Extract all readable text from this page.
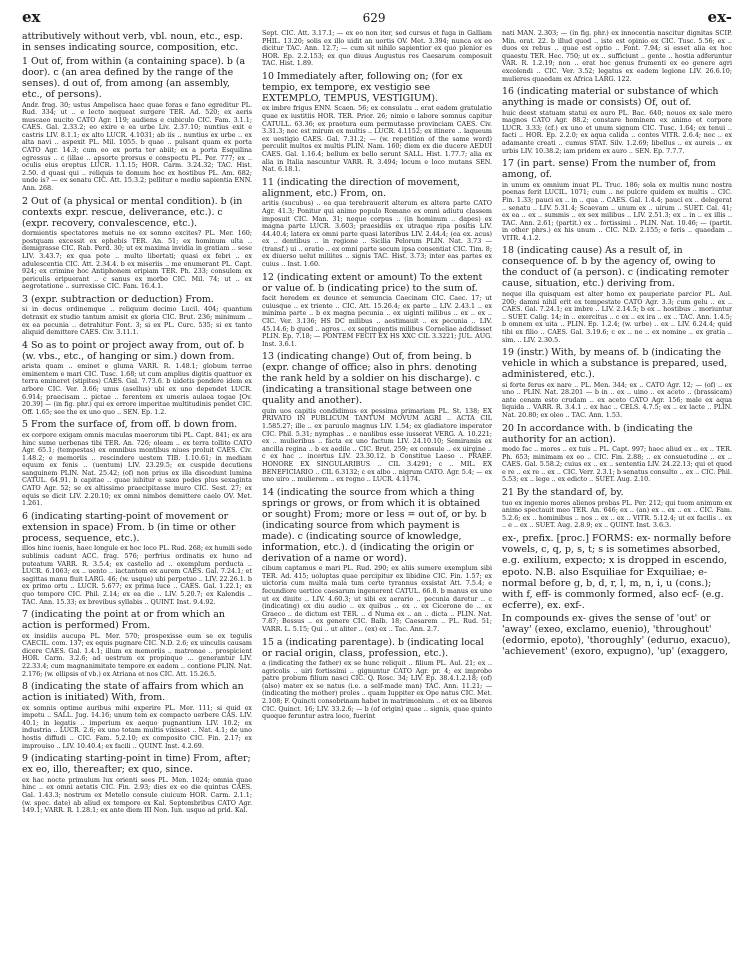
ex	629	ex-

attributively without verb, vbl. noun, etc., esp. in senses indicating source, composition, etc.

1 Out of, from within (a containing space). b (a door). c (an area defined by the range of the senses). d out of, from among (an assembly, etc., of persons).

Andr. frag. 30; ustus Ampelisca haec quae foras e fano egreditur PL. Rud. 334; ut .. e lecto nequeat surgere TER. Ad. 520; ex aeris muscaeo nucito CATO Agr. 119; audiens e cubiculo CIC. Fam. 3.1.1; CAES. Gal. 2.33.2; eo exire e ea urbe Liv. 2.37.10; nuntius exit e castris LIV. 8.1.1; ex alto LUCR. 4.1031; ab iis .. nuntius ex urbe .. ex alta navi .. aspexit PL. Mil. 1055. b quae .. pulsant quam ex porta CATO Agr. 14.3; cum eo ex porta ter abiit; ex a porta Esquilina egressus .. c (illae .. apsorte prorsus e conspectu PL. Per. 777; ex .. oculis eius ereptus LUCR. 1.1.15; HOR. Carm. 3.24.32; TAC. Hist. 2.50. d quasi qui .. reliquis te domum hoc ex hostibus PL. Am. 682; unde is? — ex senatu CIC. Att. 15.3.2; pellitur e medio sapientia ENN. Ann. 268.

2 Out of (a physical or mental condition). b (in contexts expr. rescue, deliverance, etc.). c (expr. recovery, convalescence, etc.).

dormientis spectatores metuis ne ex somno excites? PL. Mer. 160; postquam excessit ex ephebis TER. An. 51; ex hominum ulta .. demigrasse CIC. Rab. Perd. 30; ut ex maxima invidia in gratiam .. sese LIV. 3.43.7; ex qua pote .. multo libertati; quasi ex febri .. ex adulescentia CIC. Att. 2.34.4. b ex miseriis .. me enumerant PL. Capt. 924; ex crimine hoc Antiphonem eripiam TER. Ph. 233; consulem ex periculis eripuerant .. c sanus ex morbo CIC. Mil. 74; ut .. ex aegrotatione .. surrexisse CIC. Fam. 16.4.1.

3 (expr. subtraction or deduction) From.

si in decus ordinemque .. reliquum decimo Lucil. 404; quantum detraxit ex studio tantum amisit ex gloria CIC. Brut. 236; minimum .. ex ea pecunia .. detrahitur Font. 3; si ex PL. Curc. 535; si ex tanto aliquid demittere CAES. Civ. 3.11.1.

4 So as to point or project away from, out of. b (w. vbs., etc., of hanging or sim.) down from.

arista quam .. eminet e gluma VARR. R. 1.48.1; globum terrae eminentem e mari CIC. Tusc. 1.68; ut cum amplius digitis quattuor ex terra emineret (stipites) CAES. Gal. 7.73.6. b uidetis pendere idem ex arbore CIC. Ver. 3.66; unus (asellus) ubi ex uno dependet LUCR. 6.914; praecisam .. pictae .. ferentem ex umeris aulaea togae [Ov. 20.39] — (in fig. phr.) qui ex errore imperitae multitudinis pendet CIC. Off. 1.65; see the ex uno quo .. SEN. Ep. 1.2.

5 From the surface of, from off. b down from.

ex corpore exigam omnis maculas maerorum tibi PL. Capt. 841; ex ara hinc sume uerbenas tibi TER. An. 726; oleam .. ex terra tollito CATO Agr. 65.1; (tempestas) ex omnibus montibus niues proluit CAES. Civ. 1.48.2; e memoriis .. rescindere uestem TIB. 1.10.61; in mediam equum ex fenis .. (uentum) LIV. 23.29.5; ex cuspide decutiens sanguinem PLIN. Nat. 25.42; (of) non prius ex illa discedunt lumina CATUL. 64.91. b capitae .. quae iubitur e saxo pedes plus sexaginta CATO Agr. 52; se ex altissimo praecipitasse muro CIC. Sest. 27; ex equis se dicit LIV. 2.20.10; ex omni nimbos demittere caelo OV. Met. 1.261.

6 (indicating starting-point of movement or extension in space) From. b (in time or other process, sequence, etc.).

illos hinc iuenis, haec longule ex hoc loco PL. Rud. 268; ex humili sede sublimis cadunt ACC. frag. 576; perfrius ordinatis ex huno ad puteatum VARR. R. 3.5.4; ex castello ad .. exemplum perducta .. LUCR. 6.1063; ex .. uento .. iactantem ex aurem CAES. Gal. 7.24.1; et sagittas manu fluit LARG. 46; (w. usque) ubi perpetuo .. LIV. 22.26.1. b ex primo ortu .. LUCR. 5.677; ex prima luce .. CAES. Gal. 1.22.1; ex quo tempore CIC. Phil. 2.14; ex ea die .. LIV. 5.20.7; ex Kalendis .. TAC. Ann. 15.33; ex brevibus syllabis .. QUINT. Inst. 9.4.92.

7 (indicating the point at or from which an action is performed) From.

ex insidiis aucupa PL. Mer. 570; prospexisse eum se ex tegulis CAECIL. com. 137; ex equis pugnare CIC. N.D. 2.6; ex uinculis causam dicere CAES. Gal. 1.4.1; illum ex memoriis .. matronae .. prospicient HOR. Carm. 3.2.6; ad uestrum ex propinquo ... generantur LIV. 22.33.4; cum magnanimitate tempore ex eadem .. contione PLIN. Nat. 2.176; (w. ellipsis of vb.) ex Atriana et nos CIC. Att. 15.26.5.

8 (indicating the state of affairs from which an action is initiated) With, from.

ex somnis optime auribus mihi experire PL. Mer. 111; si quid ex impetu .. SALL. Jug. 14.16; unum tem ex compacto uerbere CAS. LIV. 40.1; in legatis .. imperium ex aequo pugnantium LIV. 10.2; ex industria .. LUCR. 2.6; ex uno totam multis vixisset .. Nat. 4.1; de uno hostis diffudi .. CIC. Fam. 5.2.10; ex composito CIC. Fin. 2.17; ex improuiso .. LIV. 10.40.4; ex facili .. QUINT. Inst. 4.2.69.

9 (indicating starting-point in time) From, after; ex eo, illo, thereafter; ex quo, since.

ex hac nocte primulum lux orienti sees PL. Men. 1024; omnia quae hinc .. ex omni aetatis CIC. Fin. 2.93; dies ex eo die quintus CAES. Gal. 1.43.3; nostrum ex Metello consule ciuicum HOR. Carm. 2.1.1; (w. spec. date) ab aliud ex tempore ex Kal. Septembribus CATO Agr. 149.1; VARR. R. 1.28.1; ex ante diem III Non. Iun. usque ad prid. Kal.

Sept. CIC. Att. 3.17.1; — ex eo non iter, sed cursus et fuga in Galliam PHIL. 13.20; solis ex illo uidit an uortis OV. Met. 3.394; nunca ex eo dicitur TAC. Ann. 12.7; — cum sit nihilo sapientior ex quo plenior es HOR. Ep. 2.2.153; ex quo diuus Augustus res Caesarum composuit TAC. Hist. 1.89.

10 Immediately after, following on; (for ex tempio, ex tempore, ex vestigio see EXTEMPLO, TEMPUS, VESTIGIUM).

ex imbre frigus ENN. Scaen. 56; ex consulatu .. erat eadem gratulatio quae ex iustitiis HOR. TER. Prior. 26; nimio e labore somnus capitur CATULL. 63.36; ex praetura eum permutasse provinciam CAES. Civ. 3.31.3; nec est mirum ex multis .. LUCR. 4.1152; ex itinere .. laqueum ex uestigio CAES. Gal. 7.31.2; — (w. repetition of the same word) perculit multos ex multis PLIN. Nam. 160; diem ex die ducere AEDUI CAES. Gal. 1.16.4; bellum ex bello serunt SALL. Hist. 1.77.7; alia ex alia in Italia nascuntur VARR. R. 3.494; locum e loco mutans SEN. Nat. 6.18.1.

11 (indicating the direction of movement, alignment, etc.) From, on.

aritis (sucubus) .. ea qua terebrauerit alterum ex altera parte CATO Agr. 41.3; Ponitur qui animo populo Romano ex omni adiutu classem imposuit CIC. Man. 31; neque corpus .. (in hominum .. dapes) ex magna parte LUCR. 3.603; praesidiis ex utraque ripa positis LIV. 44.40.4; latera ex omni parte quasi lateribus LIV. 2.44.4; (ea ex. acus) ex .. dentibus .. in regione .. Sicilia Pelorum PLIN. Nat. 3.73 — (transf.) ui .. oratio .. ex omni parte secum ipsa consentiat CIC. Tim. 8; ex diuerso uelut miliites .. signis TAC. Hist. 3.73; inter eas partes ex cuius .. Inst. 1.60.

12 (indicating extent or amount) To the extent or value of. b (indicating price) to the sum of.

facit heredem ex deunce et semuncia Caecinam CIC. Caec. 17; ut cuiusque .. ex triente .. CIC. Att. 15.26.4; ex parte .. LIV. 2.43.1 .. ex minima parte .. b ex magna pecunia .. ex uiginti milibus .. ex .. ex .. CIC. Ver. 3.136; HS DC milibus .. aestimauit .. ex pecunia .. LIV. 45.14.6; b quod .. agros .. ex septingentis milibus Corneliae addidisset PLIN. Ep. 7.18; — PONTEM FECIT EX HS XXC CIL 3.3221; JUL. AUG. Inst. 3.6.1.

13 (indicating change) Out of, from being. b (expr. change of office; also in phrs. denoting the rank held by a soldier on his discharge). c (indicating a transitional stage between one quality and another).

quin uos capitis condidimus ex pessima primariam PL. St. 138; EX PRIVATO IN PUBLICUM TANTUM MOVUM AGRI .. ACTA CIL 1.585.27; ille .. ex paruulo magnus LIV. 1.54; ex gladiatore imperator CIC. Phil. 5.31; nymphas .. e naulibus esse iusserat VERG. A. 10.221; ex .. mulieribus .. facta ex uno factum LIV. 24.10.10; Semiramis ex ancilla regina .. b ex aedile .. CIC. Brut. 259; ex consule .. ex uirgine .. c ex hac .. incertus LIV. 23.30.12. b Constitue Laeso .. PRAEF. HONORE EX SINGULARIBUS .. CIL 3.4291; c .. MIL. EX BENEFICIARIO .. CIL 6.3132; c ex albo .. nigrum CATO. Agr. 5.4; — ex uno uiro .. mulierem .. ex regno .. LUCR. 4.1174.

14 (indicating the source from which a thing springs or grows, or from which it is obtained or sought) From; more or less = out of, or by. b (indicating source from which payment is made). c (indicating source of knowledge, information, etc.). d (indicating the origin or derivation of a name or word).

cibum captamus e mari PL. Rud. 290; ex aliis sumere exemplum sibi TER. Ad. 415; uoluptas quae percipitur ex libidine CIC. Fin. 1.57; ex uictoria cum multa mala tum certe tyrannus exsistat Att. 7.5.4; e fecundiore uertice caesarum ingenerent CATUL. 66.8. b manus ex uno ut ex diuite .. LIV. 4.60.3; ut sibi ex aerario .. pecunia daretur .. c (indicating) ex diu audio .. ex quibus .. ex .. ex Cicerone de .. ex Graeco .. de dictum est TER. .. d Numa ex .. an .. dicta .. PLIN. Nat. 7.87; Bessus .. ex genere CIC. Balb. 18; Caesarem .. PL. Rud. 51; VARR. L. 5.15; Qui .. ut aliter .. (ex) ex .. Tac. Ann. 2.7.

15 a (indicating parentage). b (indicating local or racial origin, class, profession, etc.).

a (indicating the father) ex se hunc reliquit .. filium PL. Aul. 21; ex .. agricolis .. uiri fortissimi .. gignuntur CATO Agr. pr. 4; ex improbo patre probum filium nasci CIC. Q. Rosc. 34; LIV. Ep. 38.4.1.2.18; (of) (also) mater ex se natus (i.e. a self-made man) TAC. Ann. 11.21; — (indicating the mother) proles .. quam Iuppiter ex Ope natus CIC. Met. 2.108; F. Quincti consobrinam habet in matrimonium .. et ex ea liberos CIC. Quinct. 16; LIV. 33.2.6; — b (of origin) quae .. signis, quae quinto quoque feruntur astra loco, fuerint

nati MAN. 2.303; — (in fig. phr.) ex innocentia nascitur dignitas SCIP. Min. orat. 22. b illud quod .. iste est opinio ex CIC. Tusc. 5.56; ex .. duos ex rebus .. quae est optio .. Font. 7.94; si esset alia ex hoc quaestu TER. Hec. 750; ut ex .. sufficiunt .. gente .. hostia adferuntur VAR. R. 1.2.19; non .. erat hoc genus frumenti ex eo genere agri excolendi .. CIC. Ver. 3.52; legatus ex eadem legione LIV. 26.6.10; mulieres quaedam ex Africa LARG. 122.

16 (indicating material or substance of which anything is made or consists) Of, out of.

huic deest statuam statui ex auro PL. Bac. 640; nouos ex sale mero magnos CATO Agr. 88.2; constare hominem ex animo et corpore LUCR. 3.33; (cf.) ex uno et unum signum CIC. Tusc. 1.64; ex tenui .. facti .. HOR. Ep. 2.2.0; ex aqua calida .. contes VITR. 2.6.4; nec .. ex adamante creati .. cumus STAT. Silv. 1.2.69; libellus .. ex aureis .. ex urbis LIV. 10.38.2; iam pridem ex auro .. SEN. Ep. 7.7.7.

17 (in part. sense) From the number of, from among, of.

in unum ex omnium inuat PL. Truc. 186; sola ex multis nunc nostra poenas ferit LUCIL. 1071; cum .. ne pulcre quidem ex multis .. CIC. Fin. 1.33; pauci ex .. in .. qua .. CAES. Gal. 1.4.4; pauci ex .. delegerat .. senatu .. LIV. 5.31.4; Scaevam .. unum ex .. uirum .. SUET. Cal. 41; ex ea .. ex .. summis .. ex sex milibus .. LIV. 2.51.3; ex .. in .. ex illis .. TAC. Ann. 2.61; (partit.) ex .. fortissimi .. PLIN. Nat. 10.46; — (partit. in other phrs.) ex his unum .. CIC. N.D. 2.155; e feris .. quaedam .. VITR. 4.1.2.

18 (indicating cause) As a result of, in consequence of. b by the agency of, owing to the conduct of (a person). c (indicating remoter cause, situation, etc.) deriving from.

neque illa quisquam est alter homo ex pauperiate parcior PL. Aul. 200; damni nihil erit ex tempestate CATO Agr. 3.3; cum gelu .. ex .. CAES. Gal. 7.24.1; ex imbre .. LIV. 2.14.5; b ex .. hostibus .. moriuntur .. SUET. Calig. 14; in .. exercitus .. c ex .. ex ira .. ex .. TAC. Ann. 1.4.5; b omnem ex uita .. PLIN. Ep. 1.2.4; (w. urbe) .. ex .. LIV. 6.24.4; quid tibi ex filio .. CAES. Gal. 3.19.6; c ex .. ne .. ex nomine .. ex gratia .. sim. .. LIV. 2.30.5.

19 (instr.) With, by means of. b (indicating the vehicle in which a substance is prepared, used, administered, etc.).

si forte ferus ex nare .. PL. Men. 344; ex .. CATO Agr. 12; — (of) .. ex uno .. PLIN. Nat. 28.201 — b in .. ex .. uino .. ex aceto .. (brassicam) ante cenam esto crudam .. ex aceto CATO Agr. 156; male ex aqua liquida .. VARR. R. 3.4.1 .. ex hac .. CELS. 4.7.5; ex .. ex lacte .. PLIN. Nat. 20.80; ex oleo .. TAC. Ann. 1.53.

20 In accordance with. b (indicating the authority for an action).

modo fac .. mores .. ex tuis .. PL. Capt. 997; haec aliud ex .. ex .. TER. Ph. 653; minimam ex eo .. CIC. Fin. 2.88; .. ex consuetudine .. ex .. CAES. Gal. 5.58.2; cuius ex .. ex .. sententia LIV. 24.22.13; qui et quod e re .. ex re .. ex .. CIC. Verr. 2.3.1; b senatus consulto .. ex .. CIC. Phil. 5.53; ex .. lege .. ex edicto .. SUET. Aug. 2.10.

21 By the standard of, by.

tuo ex ingenio mores alienos probas PL. Per. 212; qui tuom animum ex animo spectauit meo TER. An. 646; ex .. (an) ex .. ex .. ex .. CIC. Fam. 5.2.6; ex .. hominibus .. nos .. ex .. ex .. VITR. 5.12.4; ut ex facilis .. ex .. e .. ex .. SUET. Aug. 2.8.9; ex .. QUINT. Inst. 3.6.3.

ex-, prefix. [proc.] FORMS: ex- normally before vowels, c, q, p, s, t; s is sometimes absorbed, e.g. exilium, expecto; x is dropped in escendo, epoto. N.B. also Esquiliae for Exquiliae; e- normal before g, b, d, r, l, m, n, i, u (cons.); with f, eff- is commonly formed, also ecf- (e.g. ecferre), ex. exf-.

In compounds ex- gives the sense of 'out' or 'away' (exeo, exclamo, eueniο), 'throughout' (edormio, epoto), 'thoroughly' (eduruo, exacuo), 'achievement' (exoro, expugno), 'up' (exaggero,
